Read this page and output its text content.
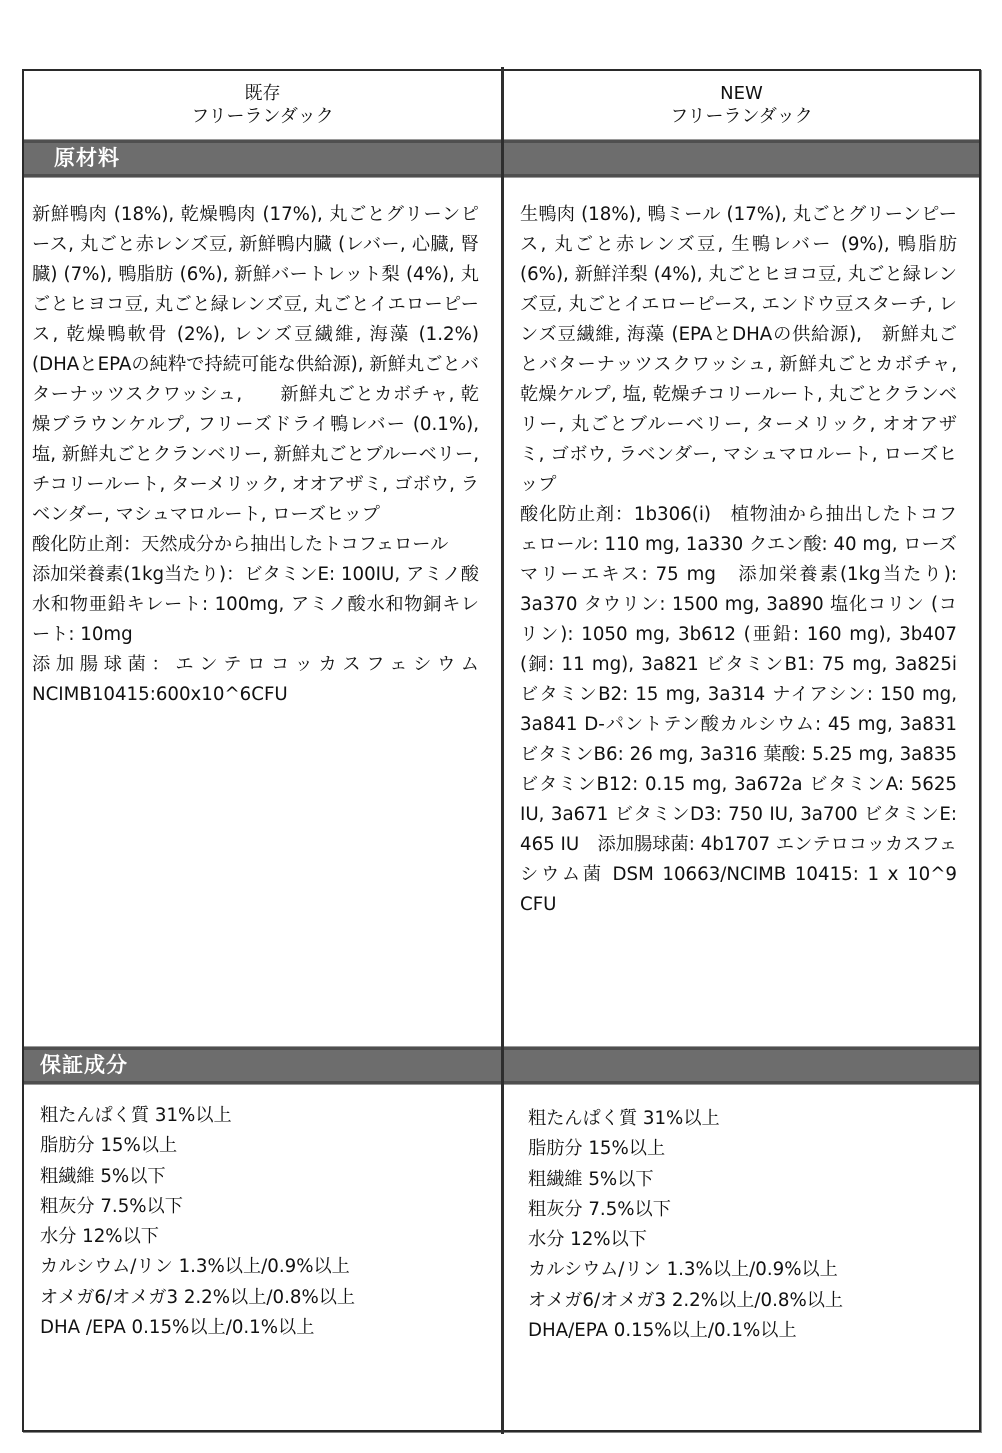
既存
フリーランダック
NEW
フリーランダック
原材料

新鮮鴨肉 (18%), 乾燥鴨肉 (17%), 丸ごとグリーンピース, 丸ごと赤レンズ豆, 新鮮鴨内臓 (レバー, 心臓, 腎臓) (7%), 鴨脂肪 (6%), 新鮮バートレット梨 (4%), 丸ごとヒヨコ豆, 丸ごと緑レンズ豆, 丸ごとイエローピース, 乾燥鴨軟骨 (2%), レンズ豆繊維, 海藻 (1.2%) (DHAとEPAの純粋で持続可能な供給源), 新鮮丸ごとバターナッツスクワッシュ,　　新鮮丸ごとカボチャ, 乾燥ブラウンケルプ, フリーズドライ鴨レバー (0.1%), 塩, 新鮮丸ごとクランベリー, 新鮮丸ごとブルーベリー, チコリールート, ターメリック, オオアザミ, ゴボウ, ラベンダー, マシュマロルート, ローズヒップ

酸化防止剤：天然成分から抽出したトコフェロール

添加栄養素(1kg当たり)：ビタミンE: 100IU, アミノ酸水和物亜鉛キレート: 100mg, アミノ酸水和物銅キレート: 10mg

添加腸球菌：エンテロコッカスフェシウム NCIMB10415:600x10^6CFU

生鴨肉 (18%), 鴨ミール (17%), 丸ごとグリーンピース, 丸ごと赤レンズ豆, 生鴨レバー (9%), 鴨脂肪 (6%), 新鮮洋梨 (4%), 丸ごとヒヨコ豆, 丸ごと緑レンズ豆, 丸ごとイエローピース, エンドウ豆スターチ, レンズ豆繊維, 海藻 (EPAとDHAの供給源),　新鮮丸ごとバターナッツスクワッシュ, 新鮮丸ごとカボチャ, 乾燥ケルプ, 塩, 乾燥チコリールート, 丸ごとクランベリー, 丸ごとブルーベリー, ターメリック, オオアザミ, ゴボウ, ラベンダー, マシュマロルート, ローズヒップ

酸化防止剤：1b306(i)　植物油から抽出したトコフェロール: 110 mg, 1a330 クエン酸: 40 mg, ローズマリーエキス: 75 mg　添加栄養素(1kg当たり): 3a370 タウリン: 1500 mg, 3a890 塩化コリン (コリン): 1050 mg, 3b612 (亜鉛: 160 mg), 3b407 (銅: 11 mg), 3a821 ビタミンB1: 75 mg, 3a825i ビタミンB2: 15 mg, 3a314 ナイアシン: 150 mg, 3a841 D-パントテン酸カルシウム: 45 mg, 3a831 ビタミンB6: 26 mg, 3a316 葉酸: 5.25 mg, 3a835 ビタミンB12: 0.15 mg, 3a672a ビタミンA: 5625 IU, 3a671 ビタミンD3: 750 IU, 3a700 ビタミンE: 465 IU　添加腸球菌: 4b1707 エンテロコッカスフェシウム菌 DSM 10663/NCIMB 10415: 1 x 10^9 CFU

保証成分
粗たんぱく質 31%以上
脂肪分 15%以上
粗繊維 5%以下
粗灰分 7.5%以下
水分 12%以下
カルシウム/リン 1.3%以上/0.9%以上
オメガ6/オメガ3 2.2%以上/0.8%以上
DHA /EPA 0.15%以上/0.1%以上
粗たんぱく質 31%以上
脂肪分 15%以上
粗繊維 5%以下
粗灰分 7.5%以下
水分 12%以下
カルシウム/リン 1.3%以上/0.9%以上
オメガ6/オメガ3 2.2%以上/0.8%以上
DHA/EPA 0.15%以上/0.1%以上
